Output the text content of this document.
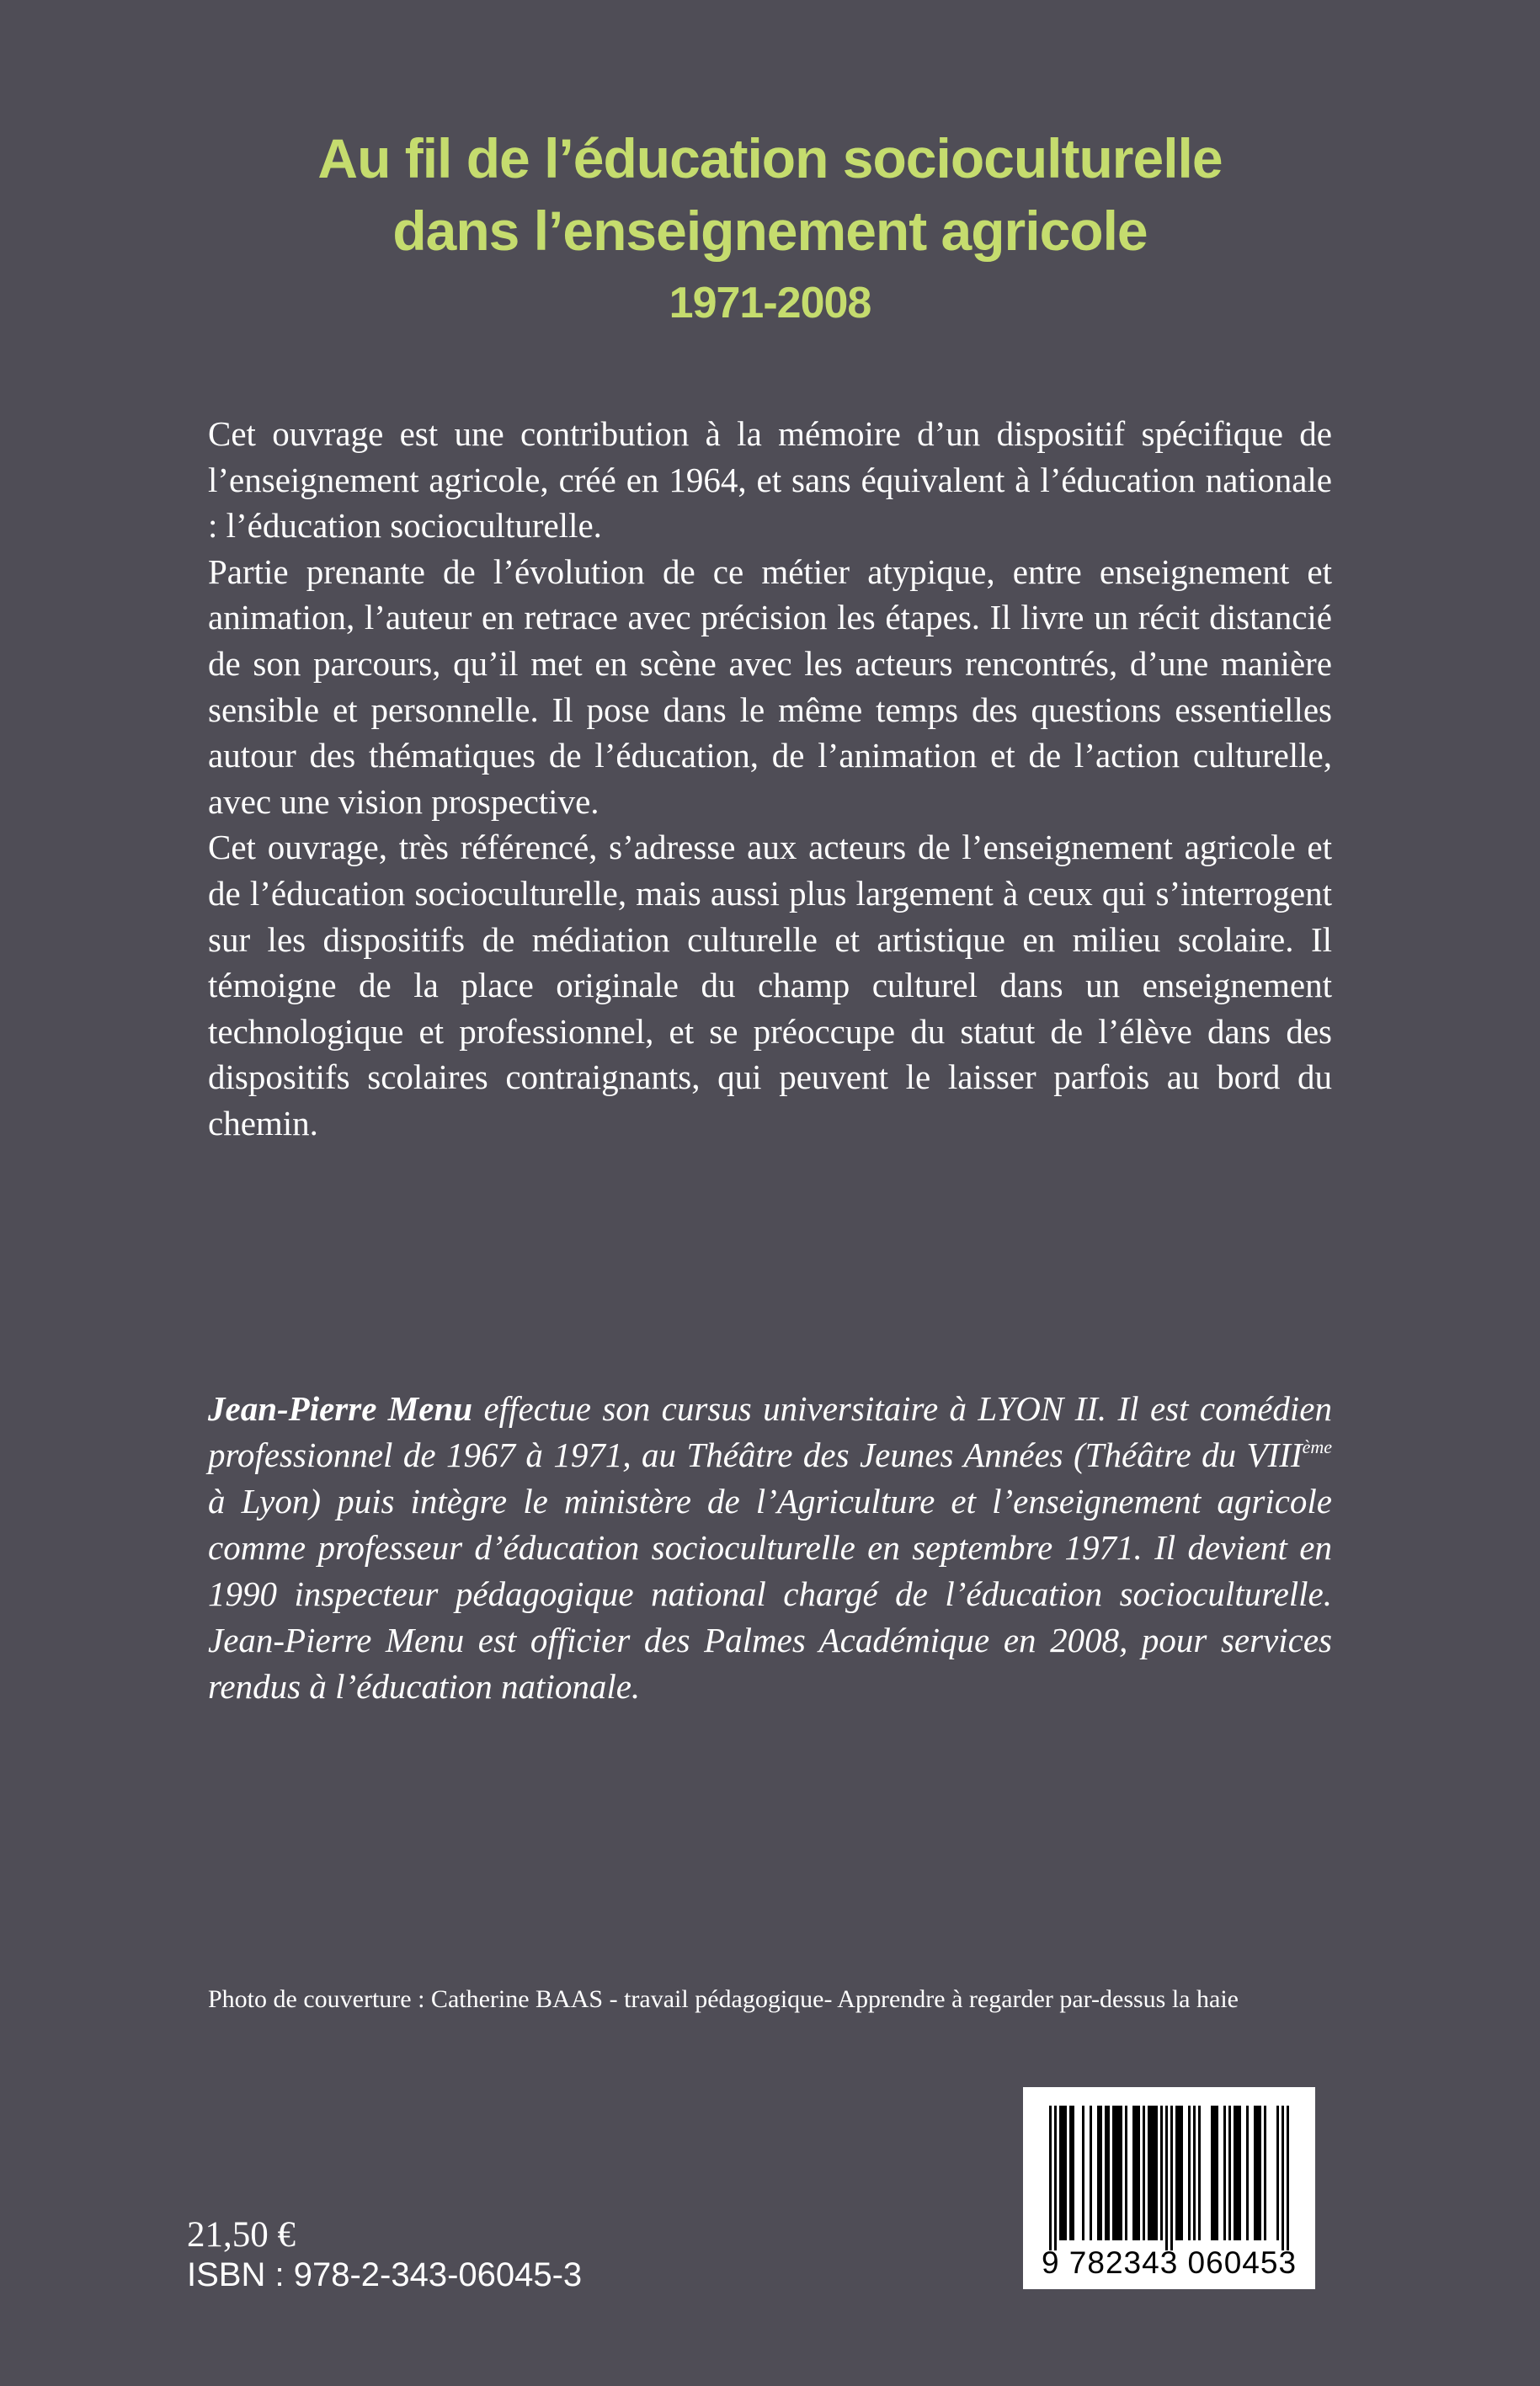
Au fil de l’éducation socioculturelle
dans l’enseignement agricole
1971-2008

Cet ouvrage est une contribution à la mémoire d’un dispositif spécifique de l’enseignement agricole, créé en 1964, et sans équivalent à l’éducation nationale : l’éducation socioculturelle.

Partie prenante de l’évolution de ce métier atypique, entre enseignement et animation, l’auteur en retrace avec précision les étapes. Il livre un récit distancié de son parcours, qu’il met en scène avec les acteurs rencontrés, d’une manière sensible et personnelle. Il pose dans le même temps des questions essentielles autour des thématiques de l’éducation, de l’animation et de l’action culturelle, avec une vision prospective.

Cet ouvrage, très référencé, s’adresse aux acteurs de l’enseignement agricole et de l’éducation socioculturelle, mais aussi plus largement à ceux qui s’interrogent sur les dispositifs de médiation culturelle et artistique en milieu scolaire. Il témoigne de la place originale du champ culturel dans un enseignement technologique et professionnel, et se préoccupe du statut de l’élève dans des dispositifs scolaires contraignants, qui peuvent le laisser parfois au bord du chemin.

Jean-Pierre Menu effectue son cursus universitaire à LYON II. Il est comédien professionnel de 1967 à 1971, au Théâtre des Jeunes Années (Théâtre du VIIIème à Lyon) puis intègre le ministère de l’Agriculture et l’enseignement agricole comme professeur d’éducation socioculturelle en septembre 1971. Il devient en 1990 inspecteur pédagogique national chargé de l’éducation socioculturelle. Jean-Pierre Menu est officier des Palmes Académique en 2008, pour services rendus à l’éducation nationale.

Photo de couverture : Catherine BAAS - travail pédagogique- Apprendre à regarder par-dessus la haie

21,50 €

ISBN : 978-2-343-06045-3	9 782343 060453
